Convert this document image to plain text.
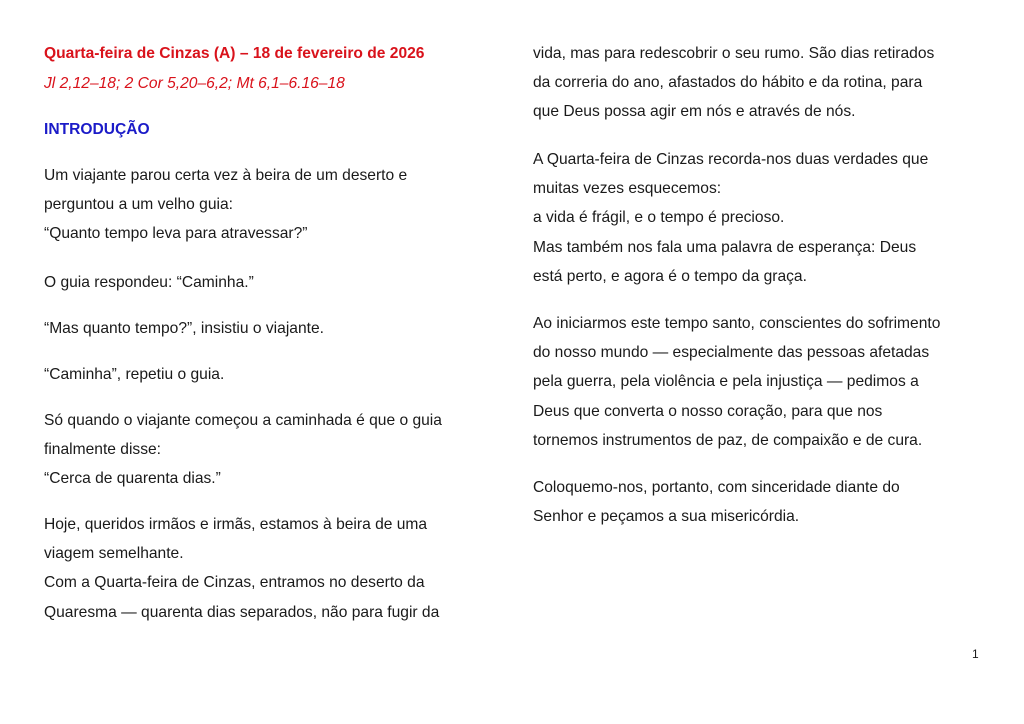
Quarta-feira de Cinzas (A) – 18 de fevereiro de 2026
Jl 2,12–18; 2 Cor 5,20–6,2; Mt 6,1–6.16–18
INTRODUÇÃO
Um viajante parou certa vez à beira de um deserto e
perguntou a um velho guia:
“Quanto tempo leva para atravessar?”
O guia respondeu: “Caminha.”
“Mas quanto tempo?”, insistiu o viajante.
“Caminha”, repetiu o guia.
Só quando o viajante começou a caminhada é que o guia
finalmente disse:
“Cerca de quarenta dias.”
Hoje, queridos irmãos e irmãs, estamos à beira de uma
viagem semelhante.
Com a Quarta-feira de Cinzas, entramos no deserto da
Quaresma — quarenta dias separados, não para fugir da
vida, mas para redescobrir o seu rumo. São dias retirados
da correria do ano, afastados do hábito e da rotina, para
que Deus possa agir em nós e através de nós.
A Quarta-feira de Cinzas recorda-nos duas verdades que
muitas vezes esquecemos:
a vida é frágil, e o tempo é precioso.
Mas também nos fala uma palavra de esperança: Deus
está perto, e agora é o tempo da graça.
Ao iniciarmos este tempo santo, conscientes do sofrimento
do nosso mundo — especialmente das pessoas afetadas
pela guerra, pela violência e pela injustiça — pedimos a
Deus que converta o nosso coração, para que nos
tornemos instrumentos de paz, de compaixão e de cura.
Coloquemo-nos, portanto, com sinceridade diante do
Senhor e peçamos a sua misericórdia.
1
